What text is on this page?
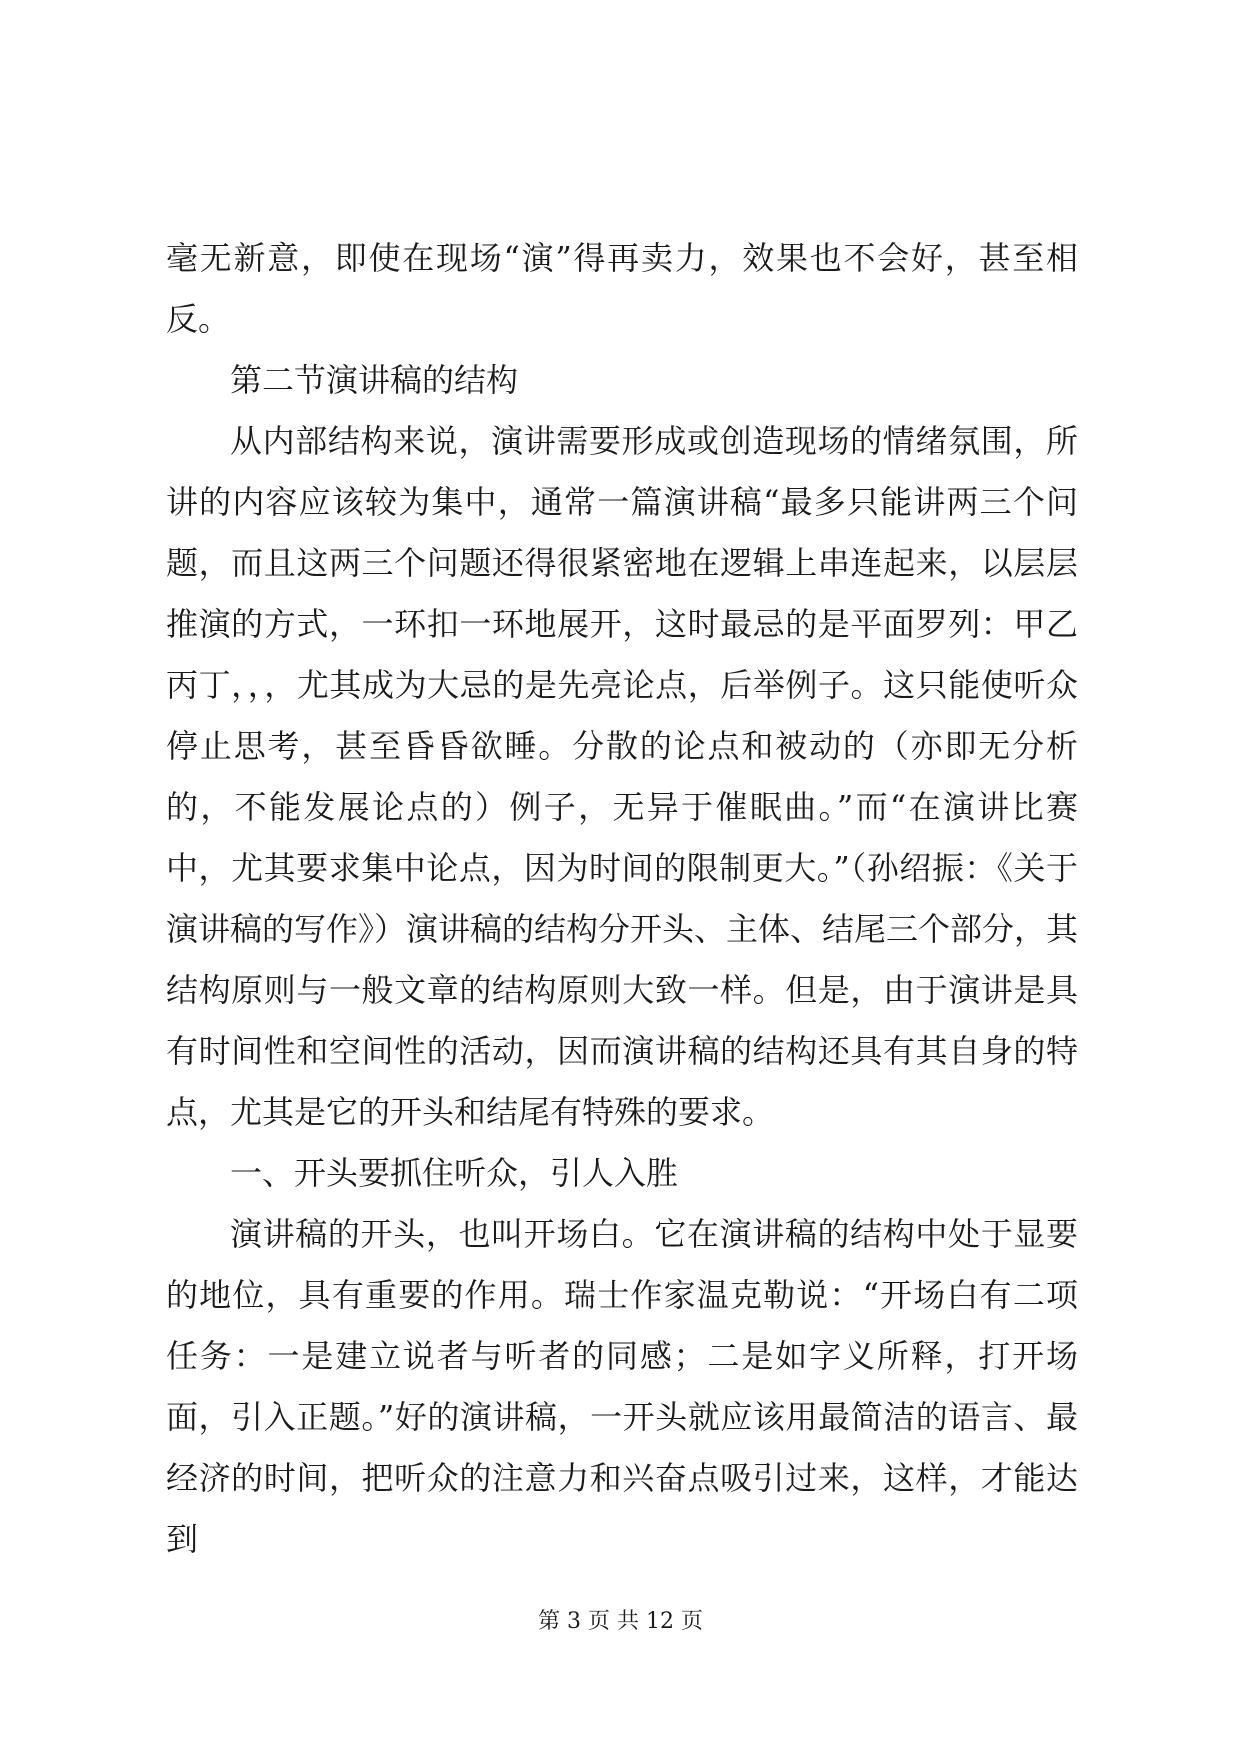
毫无新意，即使在现场“演”得再卖力，效果也不会好，甚至相反。

第二节演讲稿的结构

从内部结构来说，演讲需要形成或创造现场的情绪氛围，所讲的内容应该较为集中，通常一篇演讲稿“最多只能讲两三个问题，而且这两三个问题还得很紧密地在逻辑上串连起来，以层层推演的方式，一环扣一环地展开，这时最忌的是平面罗列：甲乙丙丁，，，尤其成为大忌的是先亮论点，后举例子。这只能使听众停止思考，甚至昏昏欲睡。分散的论点和被动的（亦即无分析的，不能发展论点的）例子，无异于催眠曲。”而“在演讲比赛中，尤其要求集中论点，因为时间的限制更大。”（孙绍振：《关于演讲稿的写作》）演讲稿的结构分开头、主体、结尾三个部分，其结构原则与一般文章的结构原则大致一样。但是，由于演讲是具有时间性和空间性的活动，因而演讲稿的结构还具有其自身的特点，尤其是它的开头和结尾有特殊的要求。

一、开头要抓住听众，引人入胜

演讲稿的开头，也叫开场白。它在演讲稿的结构中处于显要的地位，具有重要的作用。瑞士作家温克勒说：“开场白有二项任务：一是建立说者与听者的同感；二是如字义所释，打开场面，引入正题。”好的演讲稿，一开头就应该用最简洁的语言、最经济的时间，把听众的注意力和兴奋点吸引过来，这样，才能达到

第 3 页 共 12 页
